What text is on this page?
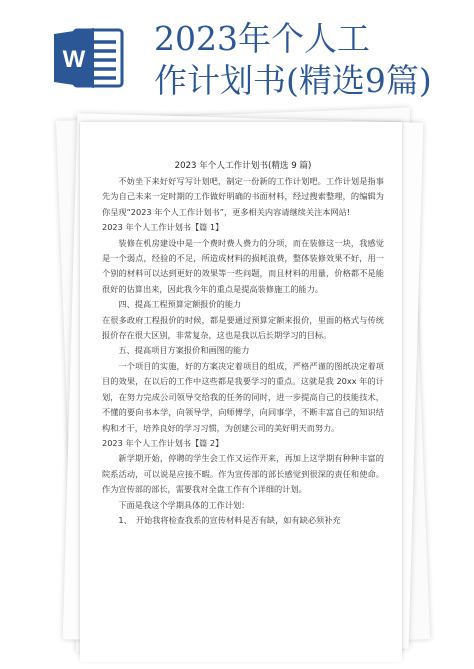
W
2023年个人工
作计划书(精选9篇)

2023 年个人工作计划书(精选 9 篇)

不妨坐下来好好写写计划吧，制定一份新的工作计划吧。工作计划是指事先为自己未来一定时期的工作做好明确的书面材料，经过搜索整理，的编辑为你呈现“2023 年个人工作计划书”，更多相关内容请继续关注本网站!

2023 年个人工作计划书【篇 1】

装修在机房建设中是一个费时费人费力的分项，而在装修这一块，我感觉是一个弱点，经验的不足，所造成材料的损耗浪费，整体装修效果不好，用一个别的材料可以达到更好的效果等一些问题，而且材料的用量，价格都不是能很好的估算出来，因此我今年的重点是提高装修施工的能力。

四、提高工程预算定额报价的能力

在很多政府工程报价的时候，都是要通过预算定额来报价，里面的格式与传统报价存在很大区别，非常复杂，这也是我以后长期学习的目标。

五、提高项目方案报价和画图的能力

一个项目的实施，好的方案决定着项目的组成，严格严谨的图纸决定着项目的效果，在以后的工作中这些都是我要学习的重点。这就是我 20xx 年的计划，在努力完成公司领导交给我的任务的同时，进一步提高自己的技能技术，不懂的要向书本学，向领导学，向师傅学，向同事学，不断丰富自己的知识结构和才干，培养良好的学习习惯，为创建公司的美好明天而努力。

2023 年个人工作计划书【篇 2】

新学期开始，停聘的学生会工作又运作开来，再加上这学期有种种丰富的院系活动，可以说是应接不暇。作为宣传部的部长感觉到很深的责任和使命。作为宣传部的部长，需要我对全盘工作有个详细的计划。

下面是我这个学期具体的工作计划：

1、　开始我将检查我系的宣传材料是否有缺，如有缺必须补充
